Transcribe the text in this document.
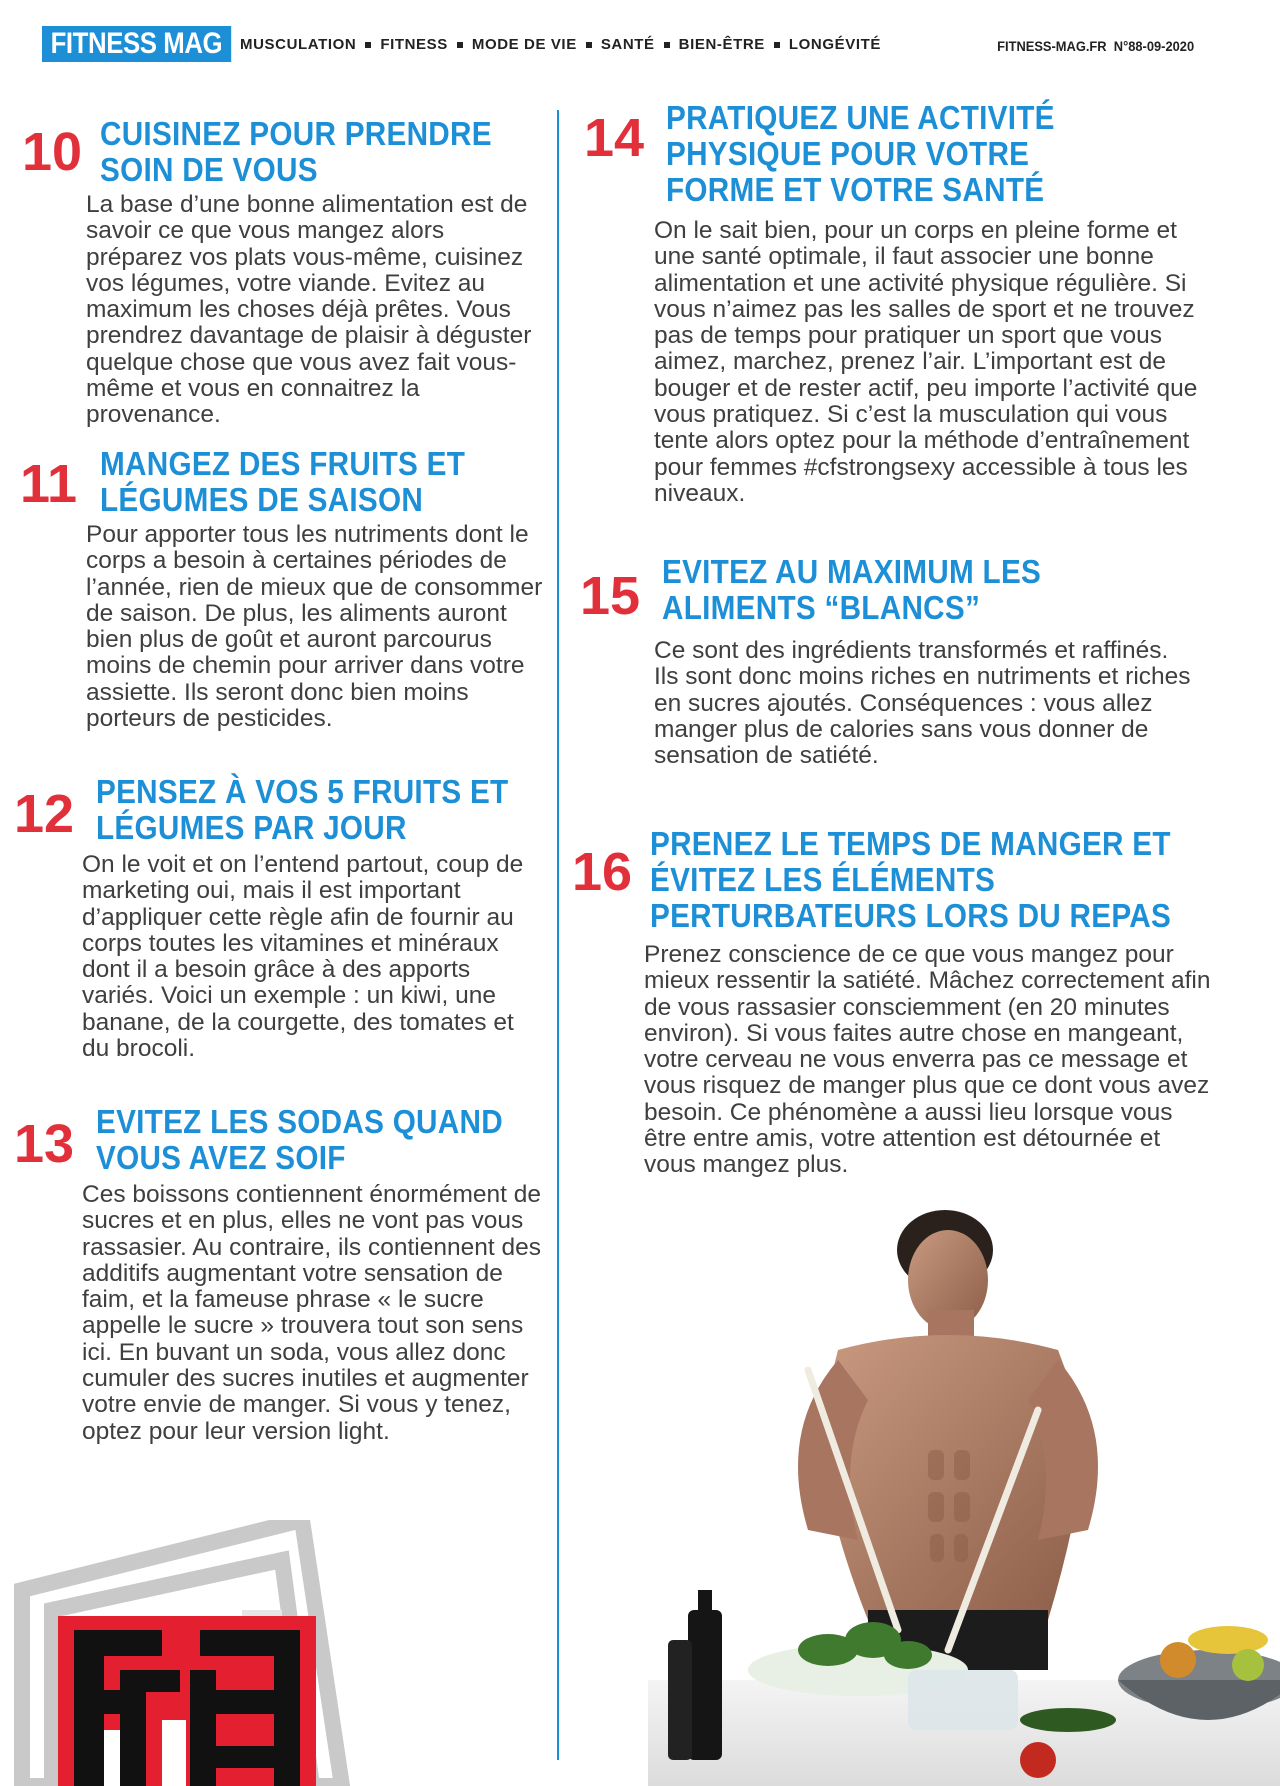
FITNESS MAG	MUSCULATION FITNESS MODE DE VIE SANTÉ BIEN-ÊTRE LONGÉVITÉ	FITNESS-MAG.FR N°88-09-2020
10 CUISINEZ POUR PRENDRE
SOIN DE VOUS
La base d’une bonne alimentation est de savoir ce que vous mangez alors préparez vos plats vous-même, cuisinez vos légumes, votre viande. Evitez au maximum les choses déjà prêtes. Vous prendrez davantage de plaisir à déguster quelque chose que vous avez fait vous-même et vous en connaitrez la provenance.
11 MANGEZ DES FRUITS ET
LÉGUMES DE SAISON
Pour apporter tous les nutriments dont le corps a besoin à certaines périodes de l’année, rien de mieux que de consommer de saison. De plus, les aliments auront bien plus de goût et auront parcourus moins de chemin pour arriver dans votre assiette. Ils seront donc bien moins porteurs de pesticides.
12 PENSEZ À VOS 5 FRUITS ET
LÉGUMES PAR JOUR
On le voit et on l’entend partout, coup de marketing oui, mais il est important d’appliquer cette règle afin de fournir au corps toutes les vitamines et minéraux dont il a besoin grâce à des apports variés. Voici un exemple : un kiwi, une banane, de la courgette, des tomates et du brocoli.
13 EVITEZ LES SODAS QUAND
VOUS AVEZ SOIF
Ces boissons contiennent énormément de sucres et en plus, elles ne vont pas vous rassasier. Au contraire, ils contiennent des additifs augmentant votre sensation de faim, et la fameuse phrase « le sucre appelle le sucre » trouvera tout son sens ici. En buvant un soda, vous allez donc cumuler des sucres inutiles et augmenter votre envie de manger. Si vous y tenez, optez pour leur version light.
14 PRATIQUEZ UNE ACTIVITÉ
PHYSIQUE POUR VOTRE
FORME ET VOTRE SANTÉ
On le sait bien, pour un corps en pleine forme et une santé optimale, il faut associer une bonne alimentation et une activité physique régulière. Si vous n’aimez pas les salles de sport et ne trouvez pas de temps pour pratiquer un sport que vous aimez, marchez, prenez l’air. L’important est de bouger et de rester actif, peu importe l’activité que vous pratiquez. Si c’est la musculation qui vous tente alors optez pour la méthode d’entraînement pour femmes #cfstrongsexy accessible à tous les niveaux.
15 EVITEZ AU MAXIMUM LES
ALIMENTS “BLANCS”
Ce sont des ingrédients transformés et raffinés. Ils sont donc moins riches en nutriments et riches en sucres ajoutés. Conséquences : vous allez manger plus de calories sans vous donner de sensation de satiété.
16 PRENEZ LE TEMPS DE MANGER ET
ÉVITEZ LES ÉLÉMENTS
PERTURBATEURS LORS DU REPAS
Prenez conscience de ce que vous mangez pour mieux ressentir la satiété. Mâchez correctement afin de vous rassasier consciemment (en 20 minutes environ). Si vous faites autre chose en mangeant, votre cerveau ne vous enverra pas ce message et vous risquez de manger plus que ce dont vous avez besoin. Ce phénomène a aussi lieu lorsque vous être entre amis, votre attention est détournée et vous mangez plus.
